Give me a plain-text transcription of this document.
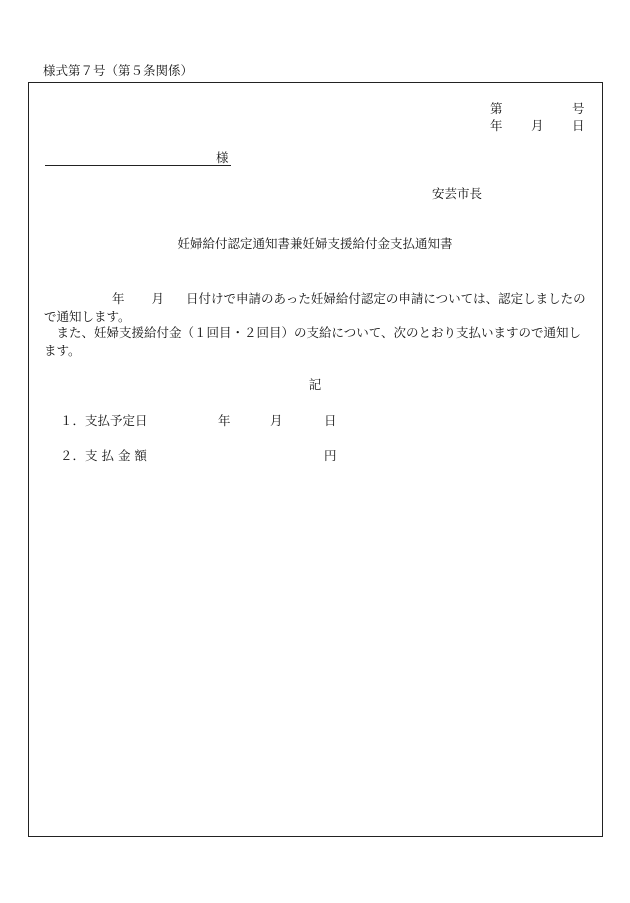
様式第７号（第５条関係）
第	号
年 月 日
様
安芸市長
妊婦給付認定通知書兼妊婦支援給付金支払通知書
年 月 日付けで申請のあった妊婦給付認定の申請については、認定しましたので通知します。
また、妊婦支援給付金（１回目・２回目）の支給について、次のとおり支払いますので通知します。
記
１．支払予定日	年	月	日
２．支 払 金 額	円
